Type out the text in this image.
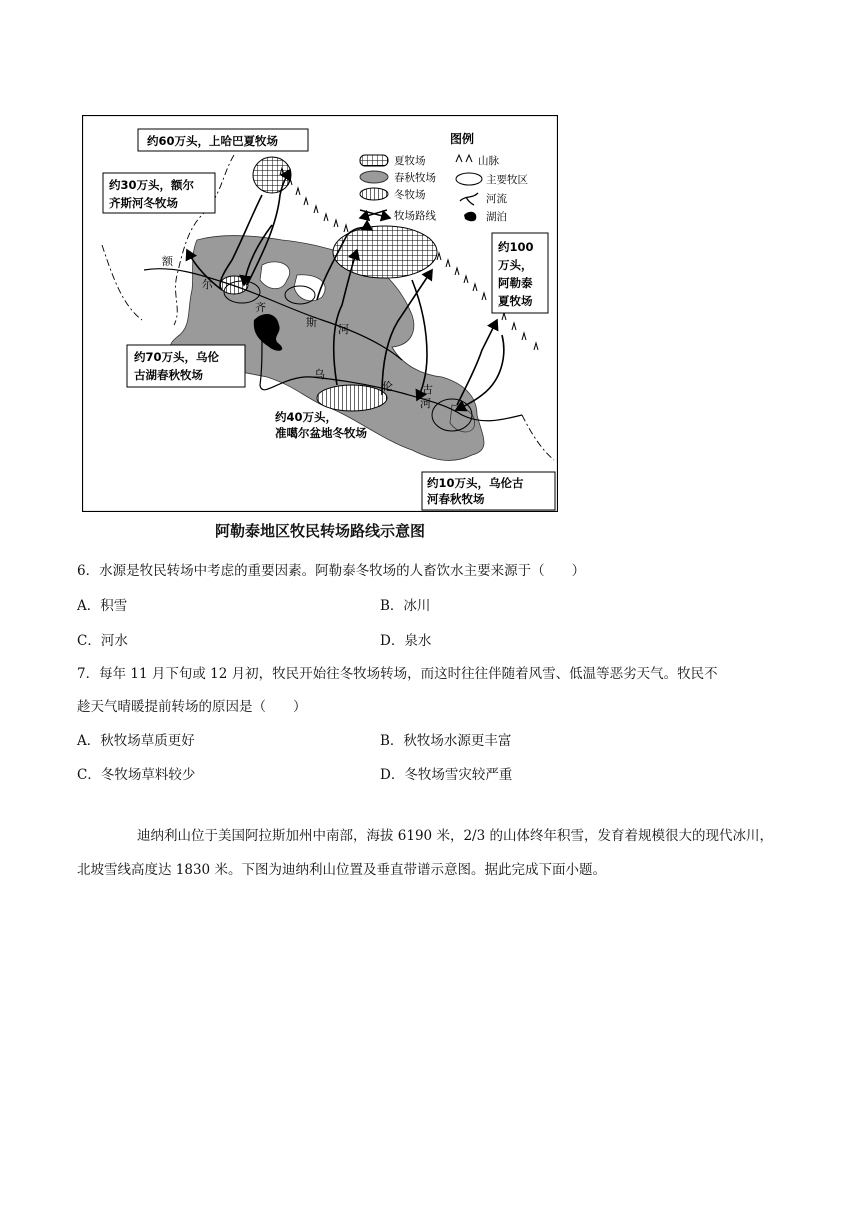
约60万头，上哈巴夏牧场
约30万头，额尔
齐斯河冬牧场
约100
万头，
阿勒泰
夏牧场
约70万头，乌伦
古湖春秋牧场
约40万头，
准噶尔盆地冬牧场
约10万头，乌伦古
河春秋牧场
额
尔
齐
斯
河
乌
伦	古
河
图例
夏牧场
春秋牧场
冬牧场
牧场路线
山脉
主要牧区
河流
湖泊
阿勒泰地区牧民转场路线示意图
6．水源是牧民转场中考虑的重要因素。阿勒泰冬牧场的人畜饮水主要来源于（　　）
A．积雪	B．冰川
C．河水	D．泉水
7．每年 11 月下旬或 12 月初，牧民开始往冬牧场转场，而这时往往伴随着风雪、低温等恶劣天气。牧民不
趁天气晴暖提前转场的原因是（　　）
A．秋牧场草质更好	B．秋牧场水源更丰富
C．冬牧场草料较少	D．冬牧场雪灾较严重
迪纳利山位于美国阿拉斯加州中南部，海拔 6190 米，2/3 的山体终年积雪，发育着规模很大的现代冰川，北坡雪线高度达 1830 米。下图为迪纳利山位置及垂直带谱示意图。据此完成下面小题。
